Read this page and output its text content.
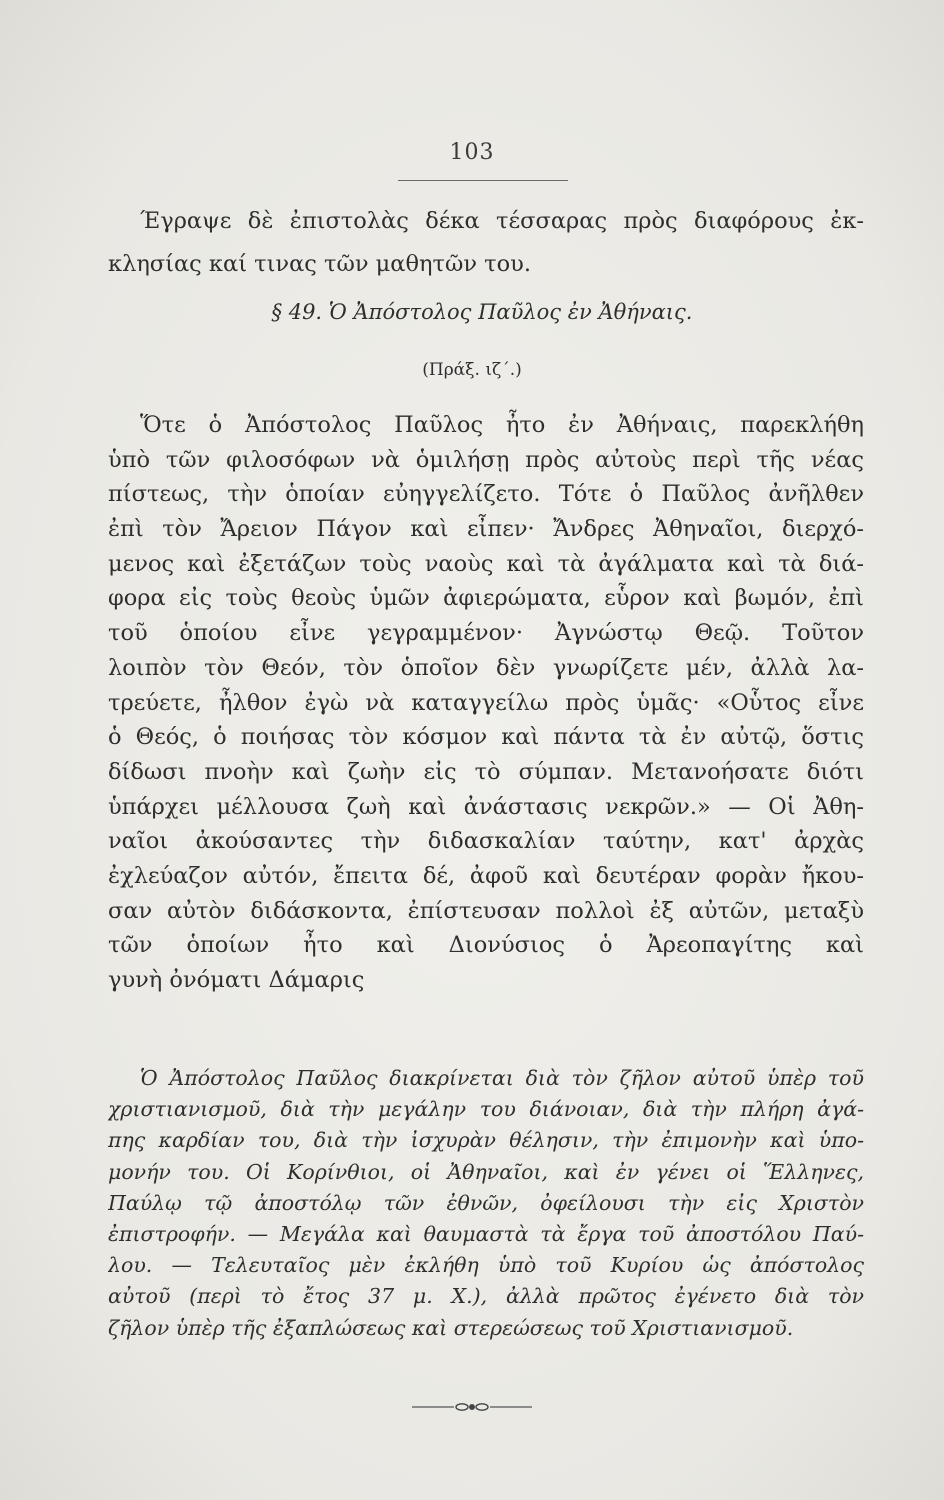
103
Έγραψε δὲ ἐπιστολὰς δέκα τέσσαρας πρὸς διαφόρους ἐκ-
κλησίας καί τινας τῶν μαθητῶν του.
§ 49. Ὁ Ἀπόστολος Παῦλος ἐν Ἀθήναις.
(Πράξ. ιζ΄.)
Ὅτε ὁ Ἀπόστολος Παῦλος ἦτο ἐν Ἀθήναις, παρεκλήθη
ὑπὸ τῶν φιλοσόφων νὰ ὁμιλήσῃ πρὸς αὐτοὺς περὶ τῆς νέας
πίστεως, τὴν ὁποίαν εὐηγγελίζετο. Τότε ὁ Παῦλος ἀνῆλθεν
ἐπὶ τὸν Ἄρειον Πάγον καὶ εἶπεν· Ἄνδρες Ἀθηναῖοι, διερχό-
μενος καὶ ἐξετάζων τοὺς ναοὺς καὶ τὰ ἀγάλματα καὶ τὰ διά-
φορα εἰς τοὺς θεοὺς ὑμῶν ἀφιερώματα, εὗρον καὶ βωμόν, ἐπὶ
τοῦ ὁποίου εἶνε γεγραμμένον· Ἀγνώστῳ Θεῷ. Τοῦτον
λοιπὸν τὸν Θεόν, τὸν ὁποῖον δὲν γνωρίζετε μέν, ἀλλὰ λα-
τρεύετε, ἦλθον ἐγὼ νὰ καταγγείλω πρὸς ὑμᾶς· «Οὗτος εἶνε
ὁ Θεός, ὁ ποιήσας τὸν κόσμον καὶ πάντα τὰ ἐν αὐτῷ, ὅστις
δίδωσι πνοὴν καὶ ζωὴν εἰς τὸ σύμπαν. Μετανοήσατε διότι
ὑπάρχει μέλλουσα ζωὴ καὶ ἀνάστασις νεκρῶν.» — Οἱ Ἀθη-
ναῖοι ἀκούσαντες τὴν διδασκαλίαν ταύτην, κατ' ἀρχὰς
ἐχλεύαζον αὐτόν, ἔπειτα δέ, ἀφοῦ καὶ δευτέραν φορὰν ἤκου-
σαν αὐτὸν διδάσκοντα, ἐπίστευσαν πολλοὶ ἐξ αὐτῶν, μεταξὺ
τῶν ὁποίων ἦτο καὶ Διονύσιος ὁ Ἀρεοπαγίτης καὶ
γυνὴ ὀνόματι Δάμαρις
Ὁ Ἀπόστολος Παῦλος διακρίνεται διὰ τὸν ζῆλον αὐτοῦ ὑπὲρ τοῦ
χριστιανισμοῦ, διὰ τὴν μεγάλην του διάνοιαν, διὰ τὴν πλήρη ἀγά-
πης καρδίαν του, διὰ τὴν ἰσχυρὰν θέλησιν, τὴν ἐπιμονὴν καὶ ὑπο-
μονήν του. Οἱ Κορίνθιοι, οἱ Ἀθηναῖοι, καὶ ἐν γένει οἱ Ἕλληνες,
Παύλῳ τῷ ἀποστόλῳ τῶν ἐθνῶν, ὀφείλουσι τὴν εἰς Χριστὸν
ἐπιστροφήν. — Μεγάλα καὶ θαυμαστὰ τὰ ἔργα τοῦ ἀποστόλου Παύ-
λου. — Τελευταῖος μὲν ἐκλήθη ὑπὸ τοῦ Κυρίου ὡς ἀπόστολος
αὐτοῦ (περὶ τὸ ἔτος 37 μ. Χ.), ἀλλὰ πρῶτος ἐγένετο διὰ τὸν
ζῆλον ὑπὲρ τῆς ἐξαπλώσεως καὶ στερεώσεως τοῦ Χριστιανισμοῦ.
